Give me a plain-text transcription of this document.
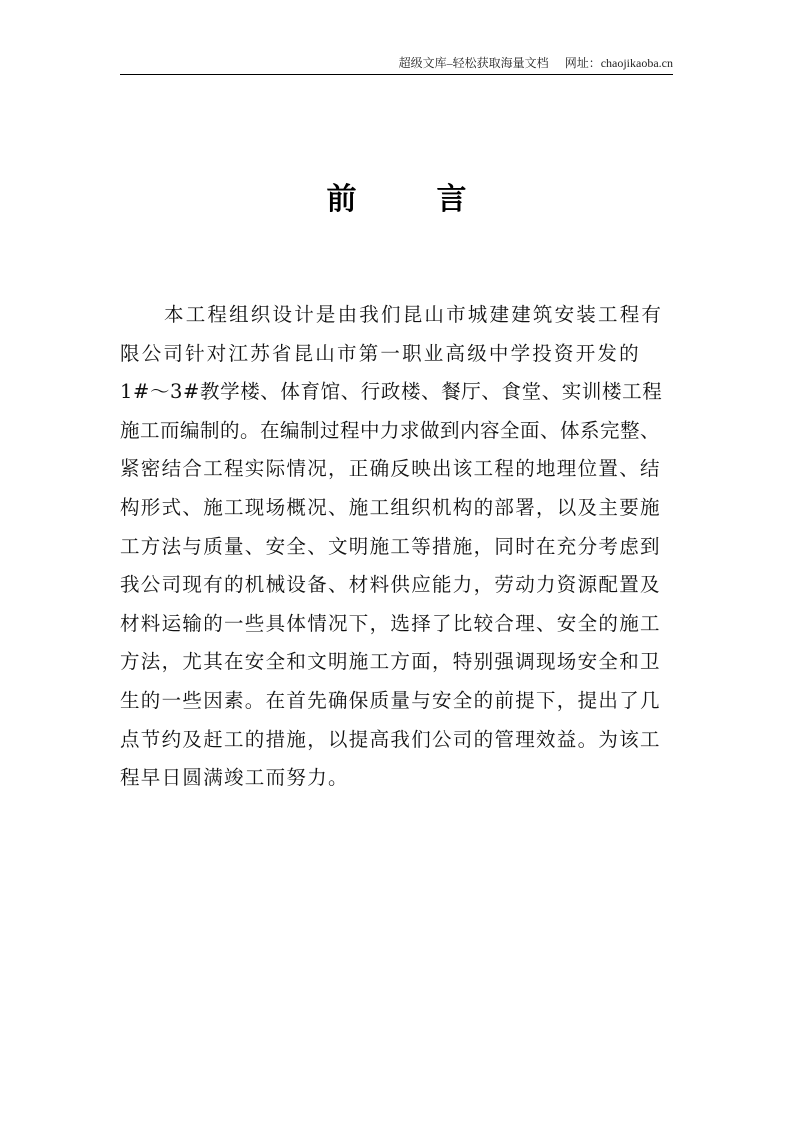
超级文库–轻松获取海量文档 网址：chaojikaoba.cn
前	言
本工程组织设计是由我们昆山市城建建筑安装工程有
限公司针对江苏省昆山市第一职业高级中学投资开发的
1#～3#教学楼、体育馆、行政楼、餐厅、食堂、实训楼工程
施工而编制的。在编制过程中力求做到内容全面、体系完整、
紧密结合工程实际情况，正确反映出该工程的地理位置、结
构形式、施工现场概况、施工组织机构的部署，以及主要施
工方法与质量、安全、文明施工等措施，同时在充分考虑到
我公司现有的机械设备、材料供应能力，劳动力资源配置及
材料运输的一些具体情况下，选择了比较合理、安全的施工
方法，尤其在安全和文明施工方面，特别强调现场安全和卫
生的一些因素。在首先确保质量与安全的前提下，提出了几
点节约及赶工的措施，以提高我们公司的管理效益。为该工
程早日圆满竣工而努力。
